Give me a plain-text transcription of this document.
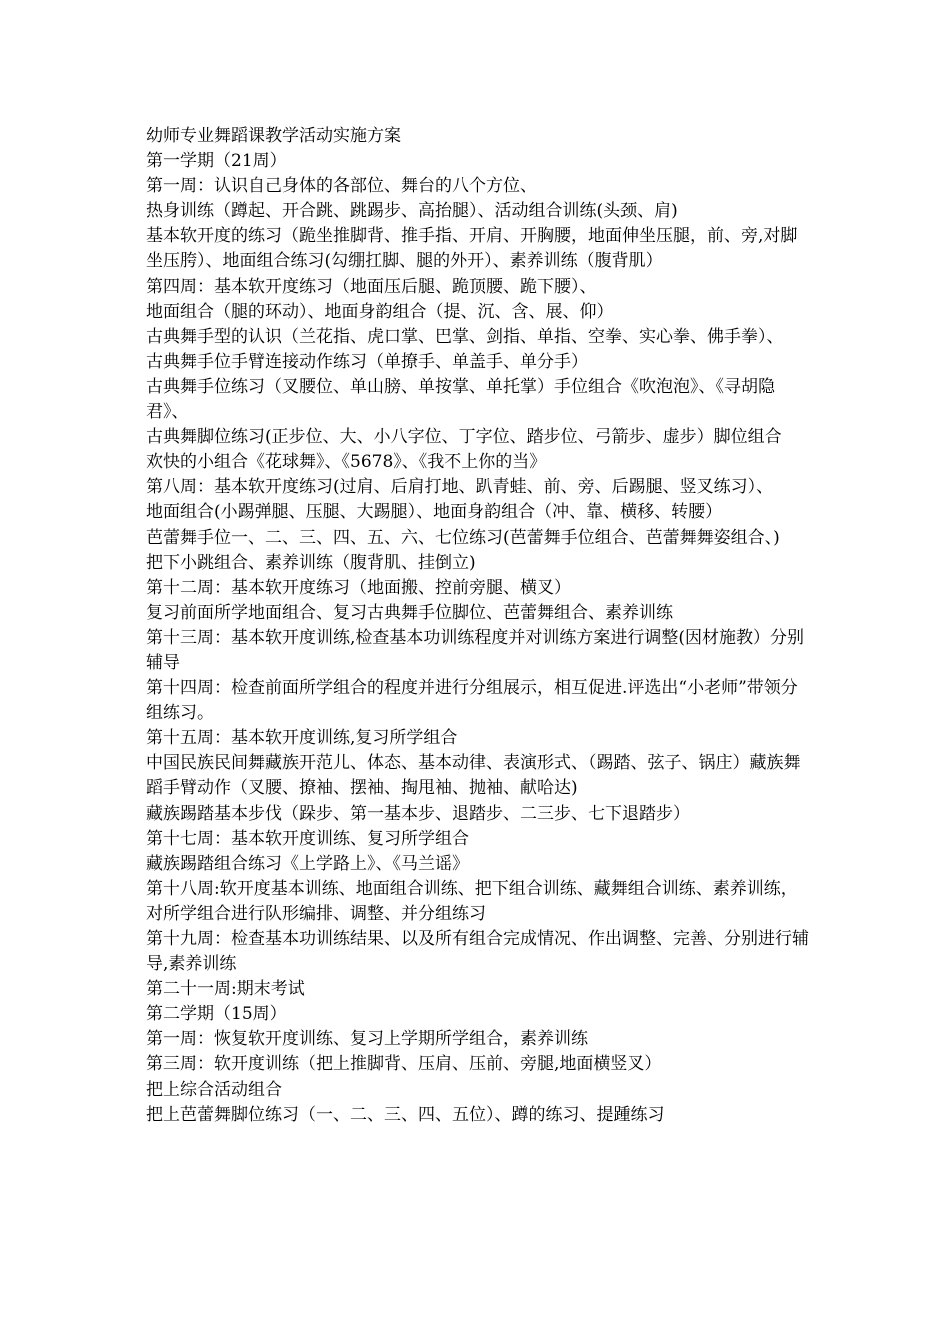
幼师专业舞蹈课教学活动实施方案

第一学期（21周）

第一周：认识自己身体的各部位、舞台的八个方位、

热身训练（蹲起、开合跳、跳踢步、高抬腿）、活动组合训练(头颈、肩)

基本软开度的练习（跪坐推脚背、推手指、开肩、开胸腰，地面伸坐压腿，前、旁,对脚坐压胯）、地面组合练习(勾绷扛脚、腿的外开）、素养训练（腹背肌）

第四周：基本软开度练习（地面压后腿、跪顶腰、跪下腰）、

地面组合（腿的环动）、地面身韵组合（提、沉、含、展、仰）

古典舞手型的认识（兰花指、虎口掌、巴掌、剑指、单指、空拳、实心拳、佛手拳）、

古典舞手位手臂连接动作练习（单撩手、单盖手、单分手）

古典舞手位练习（叉腰位、单山膀、单按掌、单托掌）手位组合《吹泡泡》、《寻胡隐君》、

古典舞脚位练习(正步位、大、小八字位、丁字位、踏步位、弓箭步、虚步）脚位组合

欢快的小组合《花球舞》、《5678》、《我不上你的当》

第八周：基本软开度练习(过肩、后肩打地、趴青蛙、前、旁、后踢腿、竖叉练习）、

地面组合(小踢弹腿、压腿、大踢腿）、地面身韵组合（冲、靠、横移、转腰）

芭蕾舞手位一、二、三、四、五、六、七位练习(芭蕾舞手位组合、芭蕾舞舞姿组合、)

把下小跳组合、素养训练（腹背肌、挂倒立)

第十二周：基本软开度练习（地面搬、控前旁腿、横叉）

复习前面所学地面组合、复习古典舞手位脚位、芭蕾舞组合、素养训练

第十三周：基本软开度训练,检查基本功训练程度并对训练方案进行调整(因材施教）分别辅导

第十四周：检查前面所学组合的程度并进行分组展示，相互促进.评选出“小老师”带领分组练习。

第十五周：基本软开度训练,复习所学组合

中国民族民间舞藏族开范儿、体态、基本动律、表演形式、（踢踏、弦子、锅庄）藏族舞蹈手臂动作（叉腰、撩袖、摆袖、掏甩袖、抛袖、献哈达)

藏族踢踏基本步伐（跺步、第一基本步、退踏步、二三步、七下退踏步）

第十七周：基本软开度训练、复习所学组合

藏族踢踏组合练习《上学路上》、《马兰谣》

第十八周:软开度基本训练、地面组合训练、把下组合训练、藏舞组合训练、素养训练，对所学组合进行队形编排、调整、并分组练习

第十九周：检查基本功训练结果、以及所有组合完成情况、作出调整、完善、分别进行辅导,素养训练

第二十一周:期末考试

第二学期（15周）

第一周：恢复软开度训练、复习上学期所学组合，素养训练

第三周：软开度训练（把上推脚背、压肩、压前、旁腿,地面横竖叉）

把上综合活动组合

把上芭蕾舞脚位练习（一、二、三、四、五位）、蹲的练习、提踵练习
